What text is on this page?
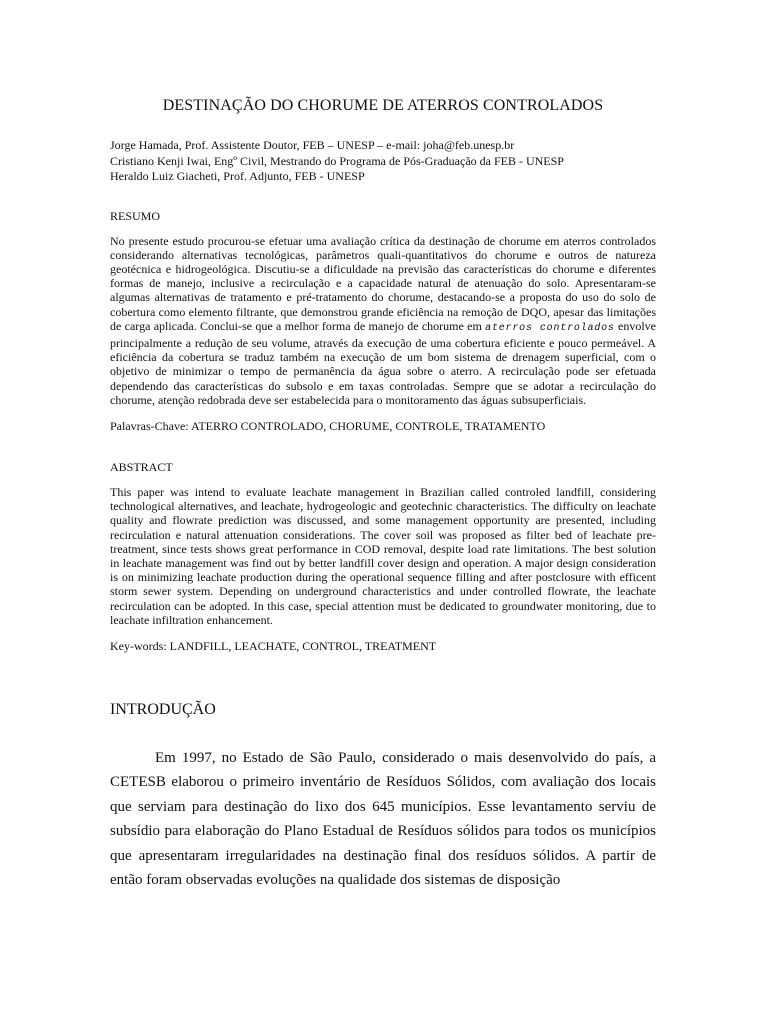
DESTINAÇÃO DO CHORUME DE ATERROS CONTROLADOS
Jorge Hamada, Prof. Assistente Doutor, FEB – UNESP – e-mail: joha@feb.unesp.br
Cristiano Kenji Iwai, Engº Civil, Mestrando do Programa de Pós-Graduação da FEB - UNESP
Heraldo Luiz Giacheti, Prof. Adjunto, FEB - UNESP
RESUMO
No presente estudo procurou-se efetuar uma avaliação crítica da destinação de chorume em aterros controlados considerando alternativas tecnológicas, parâmetros quali-quantitativos do chorume e outros de natureza geotécnica e hidrogeológica. Discutiu-se a dificuldade na previsão das características do chorume e diferentes formas de manejo, inclusive a recirculação e a capacidade natural de atenuação do solo. Apresentaram-se algumas alternativas de tratamento e pré-tratamento do chorume, destacando-se a proposta do uso do solo de cobertura como elemento filtrante, que demonstrou grande eficiência na remoção de DQO, apesar das limitações de carga aplicada. Conclui-se que a melhor forma de manejo de chorume em aterros controlados envolve principalmente a redução de seu volume, através da execução de uma cobertura eficiente e pouco permeável. A eficiência da cobertura se traduz também na execução de um bom sistema de drenagem superficial, com o objetivo de minimizar o tempo de permanência da água sobre o aterro. A recirculação pode ser efetuada dependendo das características do subsolo e em taxas controladas. Sempre que se adotar a recirculação do chorume, atenção redobrada deve ser estabelecida para o monitoramento das águas subsuperficiais.
Palavras-Chave: ATERRO CONTROLADO, CHORUME, CONTROLE, TRATAMENTO
ABSTRACT
This paper was intend to evaluate leachate management in Brazilian called controled landfill, considering technological alternatives, and leachate, hydrogeologic and geotechnic characteristics. The difficulty on leachate quality and flowrate prediction was discussed, and some management opportunity are presented, including recirculation e natural attenuation considerations. The cover soil was proposed as filter bed of leachate pre-treatment, since tests shows great performance in COD removal, despite load rate limitations. The best solution in leachate management was find out by better landfill cover design and operation. A major design consideration is on minimizing leachate production during the operational sequence filling and after postclosure with efficent storm sewer system. Depending on underground characteristics and under controlled flowrate, the leachate recirculation can be adopted. In this case, special attention must be dedicated to groundwater monitoring, due to leachate infiltration enhancement.
Key-words: LANDFILL, LEACHATE, CONTROL, TREATMENT
INTRODUÇÃO
Em 1997, no Estado de São Paulo, considerado o mais desenvolvido do país, a CETESB elaborou o primeiro inventário de Resíduos Sólidos, com avaliação dos locais que serviam para destinação do lixo dos 645 municípios. Esse levantamento serviu de subsídio para elaboração do Plano Estadual de Resíduos sólidos para todos os municípios que apresentaram irregularidades na destinação final dos resíduos sólidos. A partir de então foram observadas evoluções na qualidade dos sistemas de disposição
